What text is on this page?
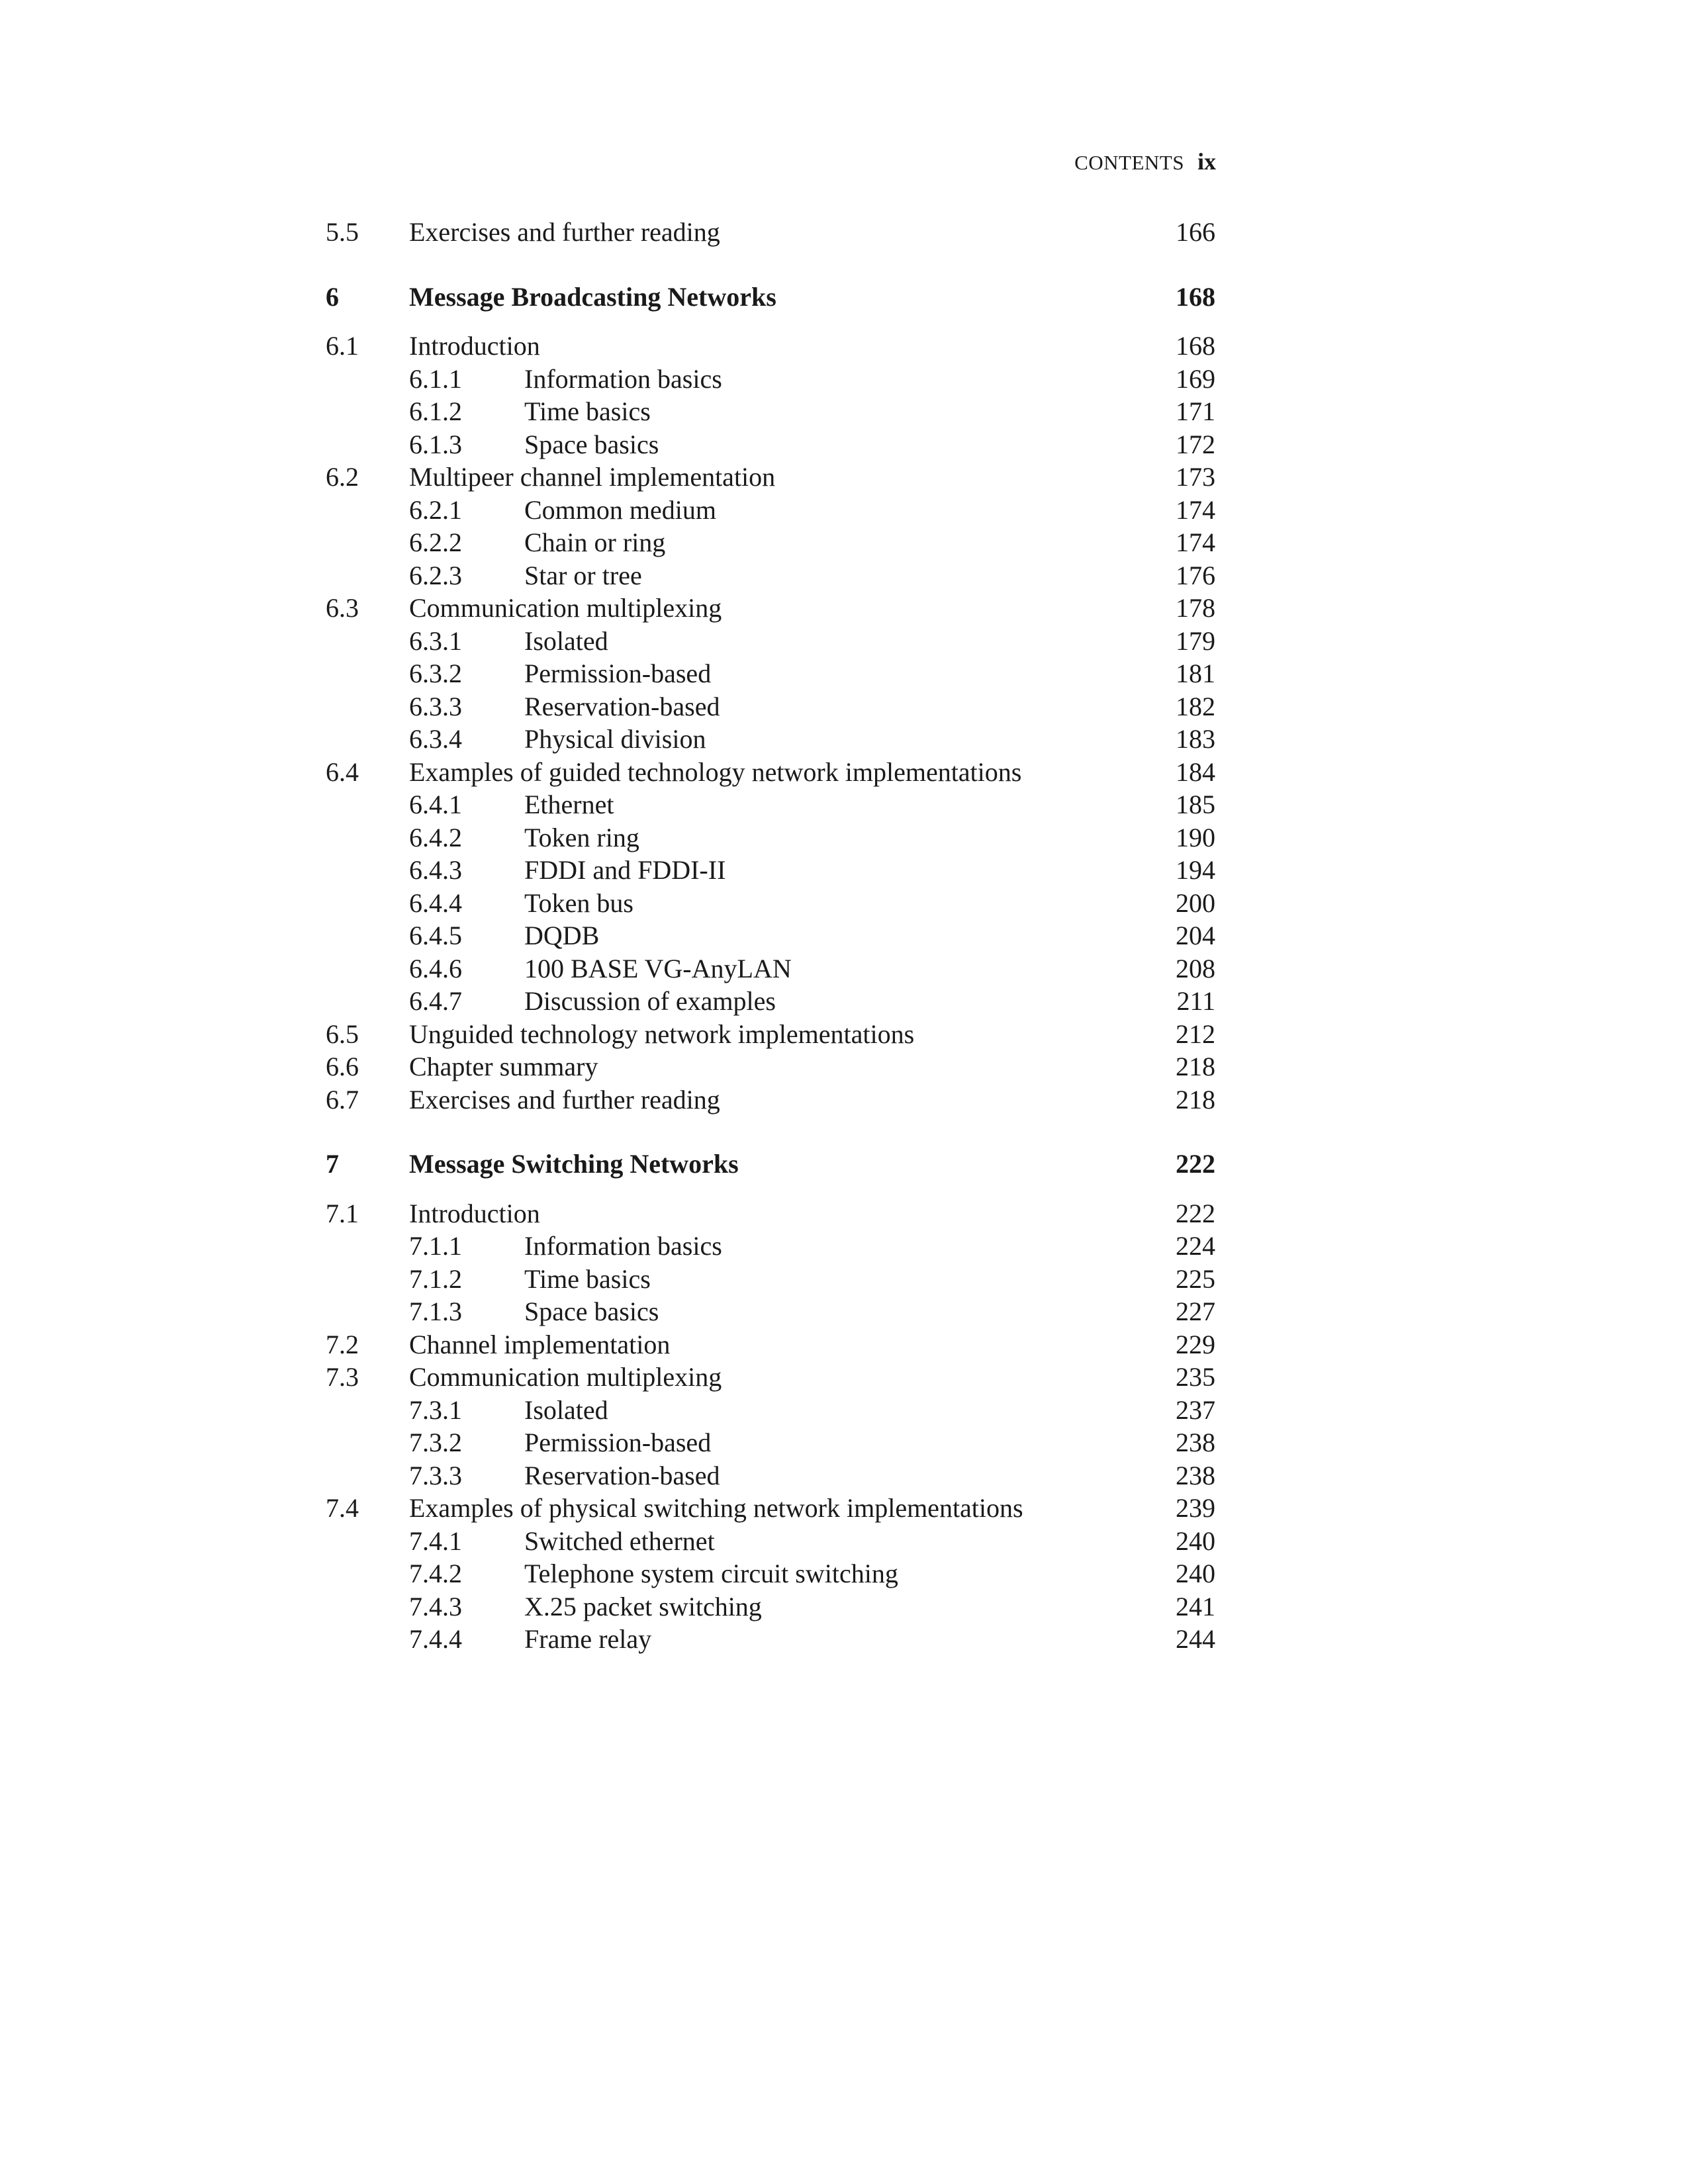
CONTENTS ix
5.5 Exercises and further reading	166
6	Message Broadcasting Networks	168
6.1 Introduction	168
6.1.1 Information basics	169
6.1.2 Time basics	171
6.1.3 Space basics	172
6.2 Multipeer channel implementation	173
6.2.1 Common medium	174
6.2.2 Chain or ring	174
6.2.3 Star or tree	176
6.3 Communication multiplexing	178
6.3.1 Isolated	179
6.3.2 Permission-based	181
6.3.3 Reservation-based	182
6.3.4 Physical division	183
6.4 Examples of guided technology network implementations	184
6.4.1 Ethernet	185
6.4.2 Token ring	190
6.4.3 FDDI and FDDI-II	194
6.4.4 Token bus	200
6.4.5 DQDB	204
6.4.6 100 BASE VG-AnyLAN	208
6.4.7 Discussion of examples	211
6.5 Unguided technology network implementations	212
6.6 Chapter summary	218
6.7 Exercises and further reading	218
7	Message Switching Networks	222
7.1 Introduction	222
7.1.1 Information basics	224
7.1.2 Time basics	225
7.1.3 Space basics	227
7.2 Channel implementation	229
7.3 Communication multiplexing	235
7.3.1 Isolated	237
7.3.2 Permission-based	238
7.3.3 Reservation-based	238
7.4 Examples of physical switching network implementations	239
7.4.1 Switched ethernet	240
7.4.2 Telephone system circuit switching	240
7.4.3 X.25 packet switching	241
7.4.4 Frame relay	244
